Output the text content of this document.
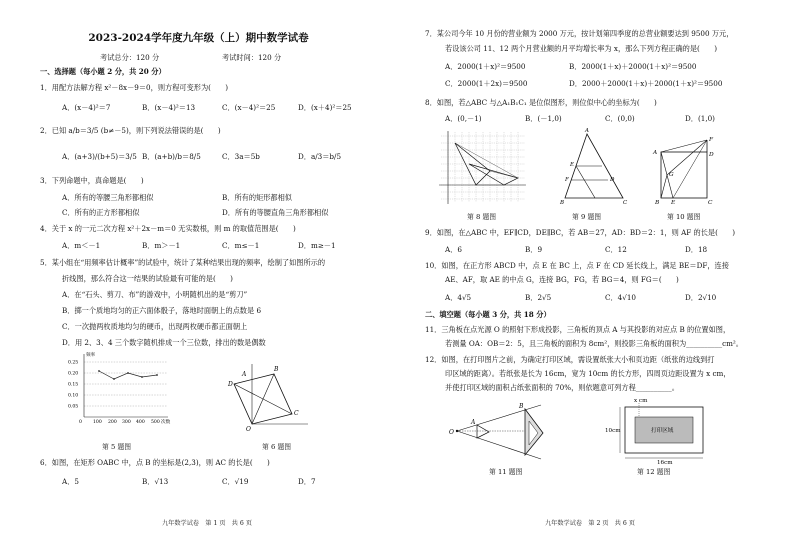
2023-2024学年度九年级（上）期中数学试卷
考试总分：120 分	考试时间：120 分
一、选择题（每小题 2 分，共 20 分）
1．用配方法解方程 x²－8x－9＝0，则方程可变形为(　　)
A．(x－4)²＝7	B．(x－4)²＝13	C．(x－4)²＝25	D．(x＋4)²＝25
2．已知 a/b＝3/5 (b≠－5)，则下列说法错误的是(　　)
A．(a+3)/(b+5)＝3/5 B．(a+b)/b＝8/5	C．3a＝5b	D．a/3＝b/5
3．下列命题中，真命题是(　　)
A．所有的等腰三角形都相似	B．所有的矩形都相似
C．所有的正方形都相似	D．所有的等腰直角三角形都相似
4．关于 x 的一元二次方程 x²＋2x－m＝0 无实数根，则 m 的取值范围是(　　)
A．m＜－1	B．m＞－1	C．m≤－1	D．m≥－1
5．某小组在“用频率估计概率”的试验中，统计了某种结果出现的频率，绘制了如图所示的
折线图，那么符合这一结果的试验最有可能的是(　　)
A．在“石头、剪刀、布”的游戏中，小明随机出的是“剪刀”
B．掷一个质地均匀的正六面体骰子，落地时面朝上的点数是 6
C．一次抛两枚质地均匀的硬币，出现两枚硬币都正面朝上
D．用 2、3、4 三个数字随机排成一个三位数，排出的数是偶数
频率
0.25
0.20
0.15
0.10
0.05
0 100 200 300 400 500 次数
第 5 题图
A
B
C
D
O
第 6 题图
6．如图，在矩形 OABC 中，点 B 的坐标是(2,3)，则 AC 的长是(　　)
A．5	B．√13	C．√19	D．7
九年数学试卷　第 1 页　共 6 页
7．某公司今年 10 月份的营业额为 2000 万元，按计划第四季度的总营业额要达到 9500 万元，
若设该公司 11、12 两个月营业额的月平均增长率为 x，那么下列方程正确的是(　　)
A．2000(1＋x)²＝9500	B．2000(1＋x)＋2000(1＋x)²＝9500
C．2000(1＋2x)＝9500	D．2000＋2000(1＋x)＋2000(1＋x)²＝9500
8．如图，若△ABC 与△A₁B₁C₁ 是位似图形，则位似中心的坐标为(　　)
A．(0,－1)	B．(－1,0)	C．(0,0)	D．(1,0)
第 8 题图
A
E
F	D
B	C
第 9 题图
A
F
D
G
B E	C
第 10 题图
9．如图，在△ABC 中，EF∥CD，DE∥BC，若 AB＝27，AD：BD＝2：1，则 AF 的长是(　　)
A．6	B．9	C．12	D．18
10．如图，在正方形 ABCD 中，点 E 在 BC 上，点 F 在 CD 延长线上，满足 BE＝DF，连接
AE、AF，取 AE 的中点 G，连接 BG，FG，若 BG＝4，则 FG＝(　　)
A．4√5	B．2√5	C．4√10	D．2√10
二、填空题（每小题 3 分，共 18 分）
11．三角板在点光源 O 的照射下形成投影，三角板的顶点 A 与其投影的对应点 B 的位置如图，
若测量 OA：OB＝2：5，且三角板的面积为 8cm²，则投影三角板的面积为__________cm²。
12．如图，在打印图片之前，为确定打印区域，需设置纸张大小和页边距（纸张的边线到打
印区域的距离）。若纸张是长为 16cm，宽为 10cm 的长方形，四周页边距设置为 x cm，
并使打印区域的面积占纸张面积的 70%，则依题意可列方程__________。
O
A
B
第 11 题图
x cm
打印区域
10cm
16cm
第 12 题图
九年数学试卷　第 2 页　共 6 页
